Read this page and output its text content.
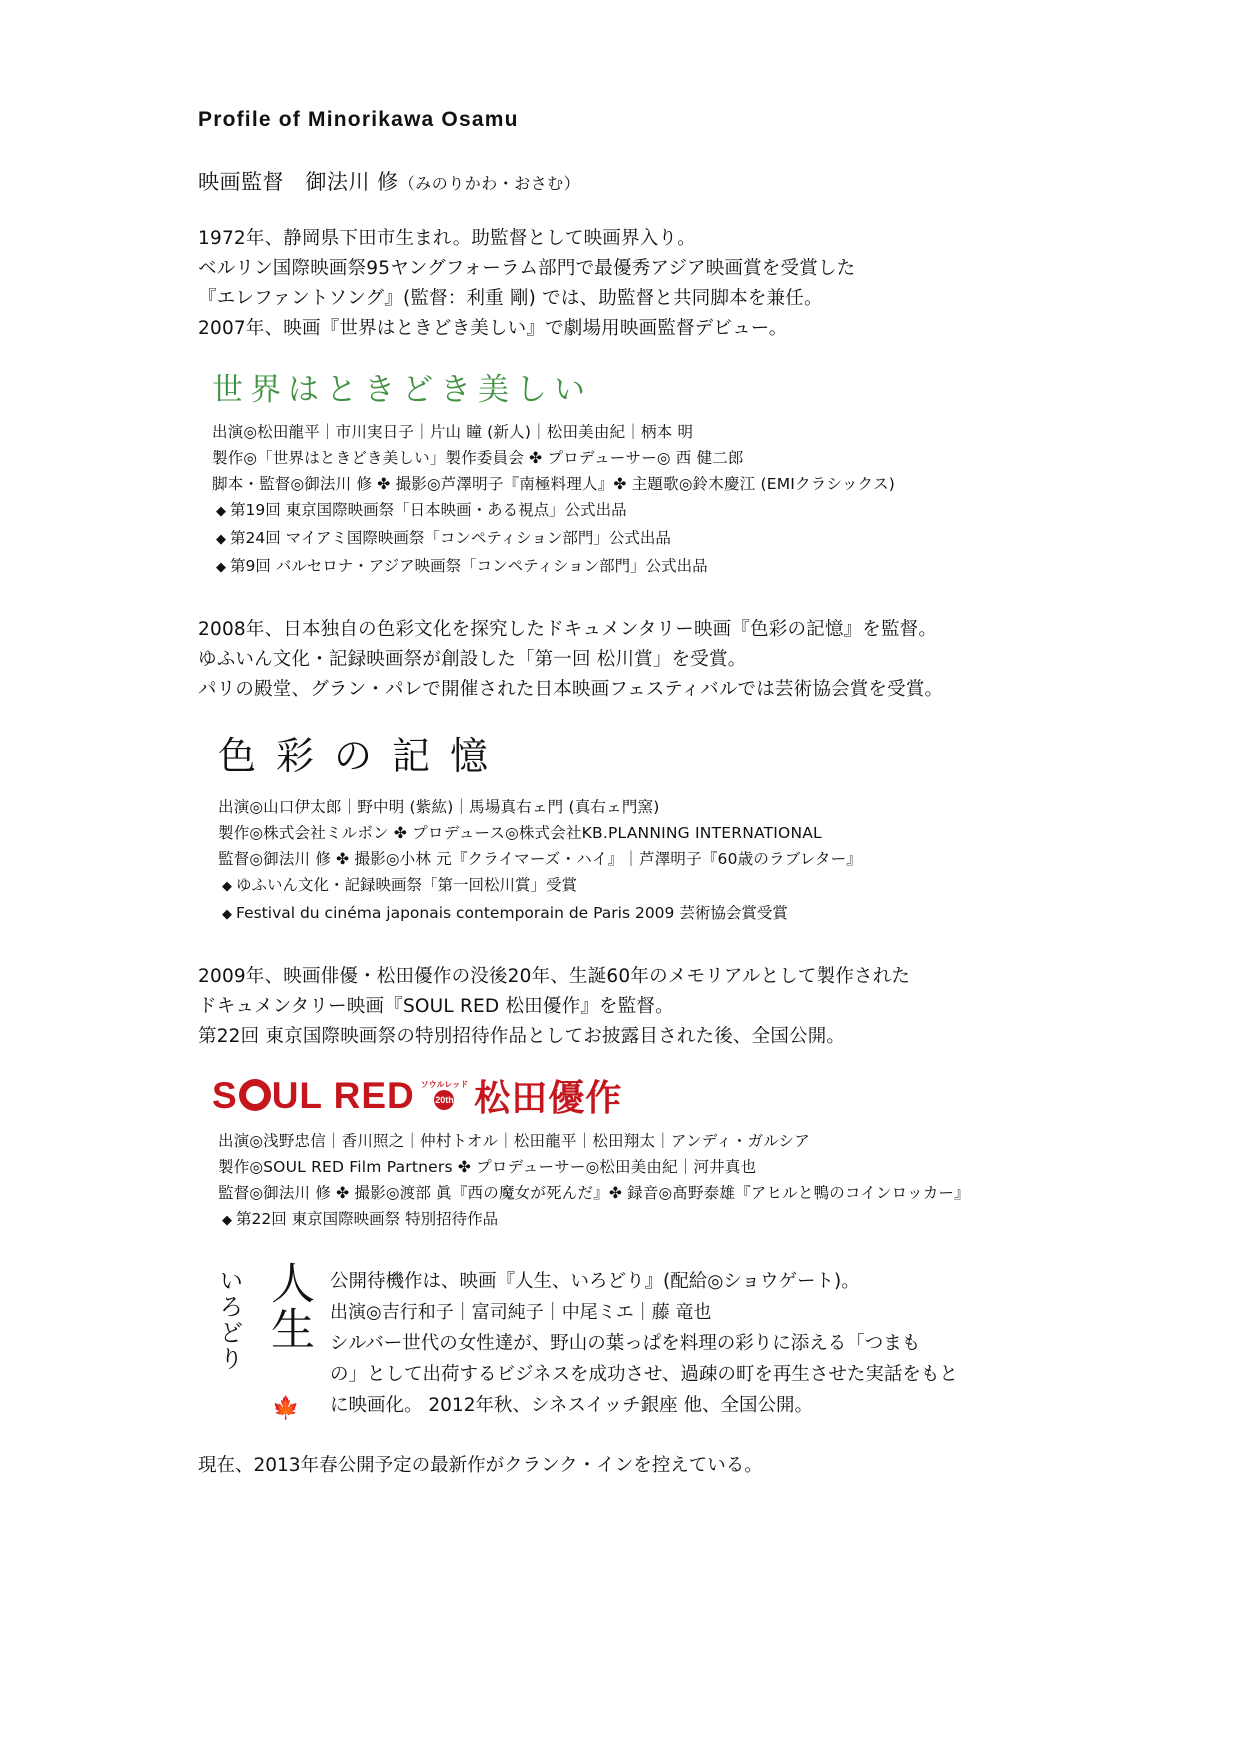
Profile of Minorikawa Osamu
映画監督　御法川 修（みのりかわ・おさむ）

1972年、静岡県下田市生まれ。助監督として映画界入り。

ベルリン国際映画祭95ヤングフォーラム部門で最優秀アジア映画賞を受賞した

『エレファントソング』(監督：利重 剛) では、助監督と共同脚本を兼任。

2007年、映画『世界はときどき美しい』で劇場用映画監督デビュー。

世界はときどき美しい
出演◎松田龍平｜市川実日子｜片山 瞳 (新人)｜松田美由紀｜柄本 明
製作◎「世界はときどき美しい」製作委員会 ✤ プロデューサー◎ 西 健二郎
脚本・監督◎御法川 修 ✤ 撮影◎芦澤明子『南極料理人』✤ 主題歌◎鈴木慶江 (EMIクラシックス)
◆ 第19回 東京国際映画祭「日本映画・ある視点」公式出品
◆ 第24回 マイアミ国際映画祭「コンペティション部門」公式出品
◆ 第9回 バルセロナ・アジア映画祭「コンペティション部門」公式出品

2008年、日本独自の色彩文化を探究したドキュメンタリー映画『色彩の記憶』を監督。

ゆふいん文化・記録映画祭が創設した「第一回 松川賞」を受賞。

パリの殿堂、グラン・パレで開催された日本映画フェスティバルでは芸術協会賞を受賞。

色彩の記憶
出演◎山口伊太郎｜野中明 (紫紘)｜馬場真右ェ門 (真右ェ門窯)
製作◎株式会社ミルボン ✤ プロデュース◎株式会社KB.PLANNING INTERNATIONAL
監督◎御法川 修 ✤ 撮影◎小林 元『クライマーズ・ハイ』｜芦澤明子『60歳のラブレター』
◆ ゆふいん文化・記録映画祭「第一回松川賞」受賞
◆ Festival du cinéma japonais contemporain de Paris 2009 芸術協会賞受賞

2009年、映画俳優・松田優作の没後20年、生誕60年のメモリアルとして製作された

ドキュメンタリー映画『SOUL RED 松田優作』を監督。

第22回 東京国際映画祭の特別招待作品としてお披露目された後、全国公開。

S UL RED ソウルレッド
20th 松田優作
出演◎浅野忠信｜香川照之｜仲村トオル｜松田龍平｜松田翔太｜アンディ・ガルシア
製作◎SOUL RED Film Partners ✤ プロデューサー◎松田美由紀｜河井真也
監督◎御法川 修 ✤ 撮影◎渡部 眞『西の魔女が死んだ』✤ 録音◎髙野泰雄『アヒルと鴨のコインロッカー』
◆ 第22回 東京国際映画祭 特別招待作品
人生
いろどり
🍁
公開待機作は、映画『人生、いろどり』(配給◎ショウゲート)。
出演◎吉行和子｜富司純子｜中尾ミエ｜藤 竜也
シルバー世代の女性達が、野山の葉っぱを料理の彩りに添える「つまも
の」として出荷するビジネスを成功させ、過疎の町を再生させた実話をもと
に映画化。 2012年秋、シネスイッチ銀座 他、全国公開。
現在、2013年春公開予定の最新作がクランク・インを控えている。
